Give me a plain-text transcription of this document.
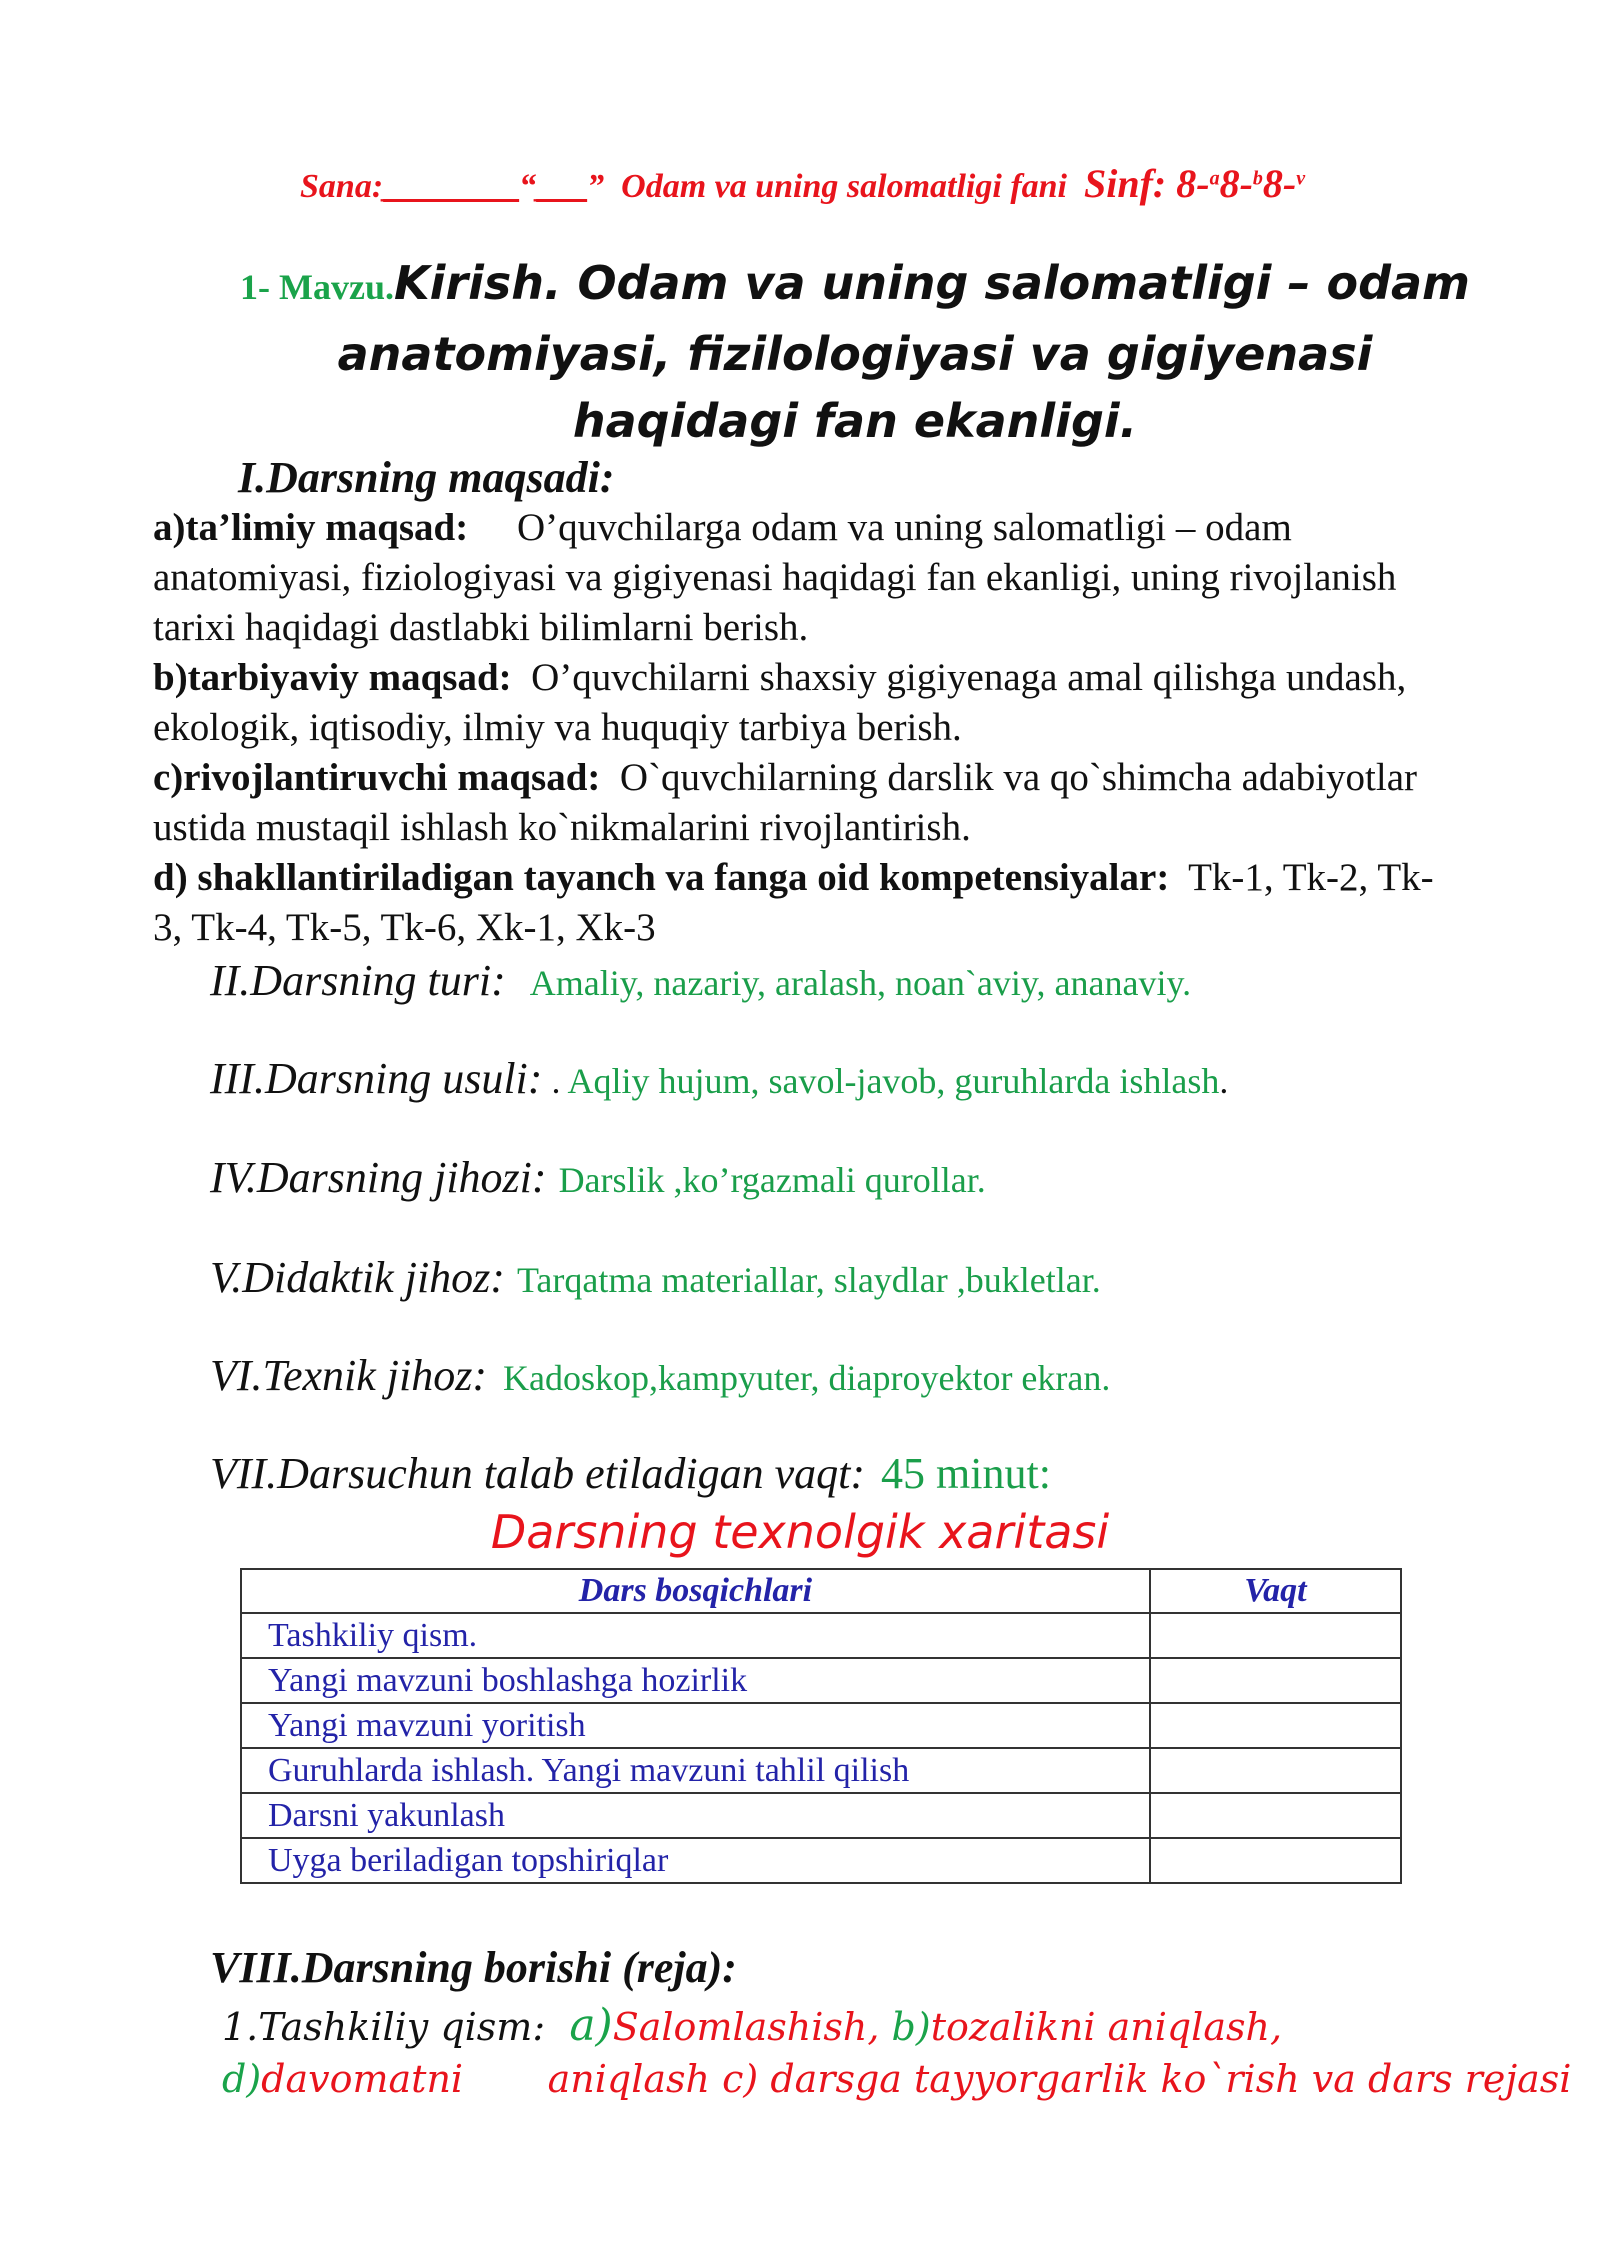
Sana:________“___” Odam va uning salomatligi fani Sinf: 8-$^a$8-$^b$8-$^v$
1- Mavzu.Kirish. Odam va uning salomatligi – odam anatomiyasi, fizilologiyasi va gigiyenasi haqidagi fan ekanligi.
I.Darsning maqsadi:

a)ta’limiy maqsad: O’quvchilarga odam va uning salomatligi – odam anatomiyasi, fiziologiyasi va gigiyenasi haqidagi fan ekanligi, uning rivojlanish tarixi haqidagi dastlabki bilimlarni berish.

b)tarbiyaviy maqsad: O’quvchilarni shaxsiy gigiyenaga amal qilishga undash, ekologik, iqtisodiy, ilmiy va huquqiy tarbiya berish.

c)rivojlantiruvchi maqsad: O`quvchilarning darslik va qo`shimcha adabiyotlar ustida mustaqil ishlash ko`nikmalarini rivojlantirish.

d) shakllantiriladigan tayanch va fanga oid kompetensiyalar: Tk-1, Tk-2, Tk-3, Tk-4, Tk-5, Tk-6, Xk-1, Xk-3

II.Darsning turi: Amaliy, nazariy, aralash, noan`aviy, ananaviy.
III.Darsning usuli: . Aqliy hujum, savol-javob, guruhlarda ishlash.
IV.Darsning jihozi: Darslik ,ko’rgazmali qurollar.
V.Didaktik jihoz: Tarqatma materiallar, slaydlar ,bukletlar.
VI.Texnik jihoz: Kadoskop,kampyuter, diaproyektor ekran.
VII.Darsuchun talab etiladigan vaqt: 45 minut:
Darsning texnolgik xaritasi
Dars bosqichlari	Vaqt
Tashkiliy qism.	
Yangi mavzuni boshlashga hozirlik	
Yangi mavzuni yoritish	
Guruhlarda ishlash. Yangi mavzuni tahlil qilish	
Darsni yakunlash	
Uyga beriladigan topshiriqlar	
VIII.Darsning borishi (reja):
1.Tashkiliy qism: a)Salomlashish, b)tozalikni aniqlash,
d)davomatni aniqlash c) darsga tayyorgarlik ko`rish va dars rejasi
